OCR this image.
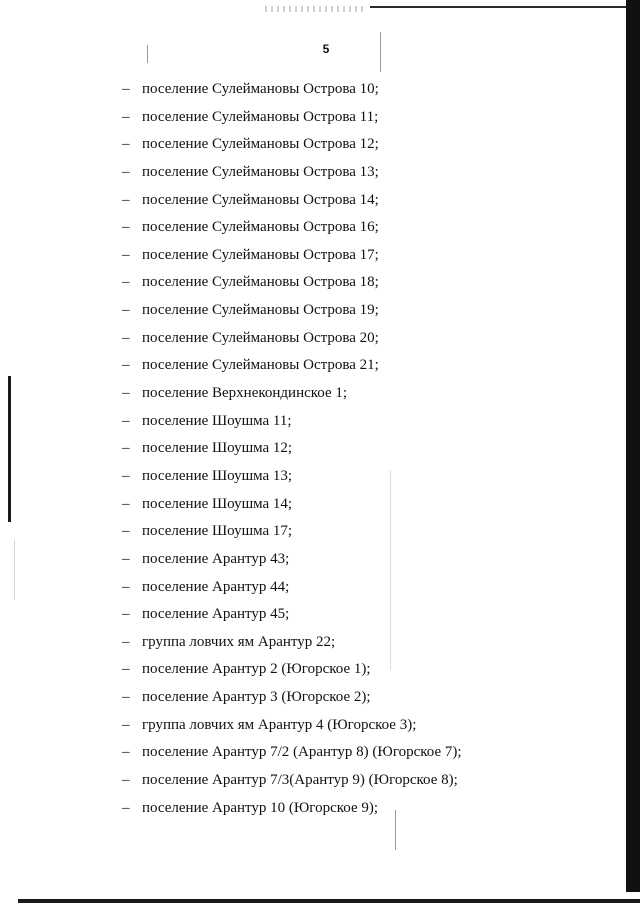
5
– поселение Сулеймановы Острова 10;
– поселение Сулеймановы Острова 11;
– поселение Сулеймановы Острова 12;
– поселение Сулеймановы Острова 13;
– поселение Сулеймановы Острова 14;
– поселение Сулеймановы Острова 16;
– поселение Сулеймановы Острова 17;
– поселение Сулеймановы Острова 18;
– поселение Сулеймановы Острова 19;
– поселение Сулеймановы Острова 20;
– поселение Сулеймановы Острова 21;
– поселение Верхнекондинское 1;
– поселение Шоушма 11;
– поселение Шоушма 12;
– поселение Шоушма 13;
– поселение Шоушма 14;
– поселение Шоушма 17;
– поселение Арантур 43;
– поселение Арантур 44;
– поселение Арантур 45;
– группа ловчих ям Арантур 22;
– поселение Арантур 2 (Югорское 1);
– поселение Арантур 3 (Югорское 2);
– группа ловчих ям Арантур 4 (Югорское 3);
– поселение Арантур 7/2 (Арантур 8) (Югорское 7);
– поселение Арантур 7/3(Арантур 9) (Югорское 8);
– поселение Арантур 10 (Югорское 9);
